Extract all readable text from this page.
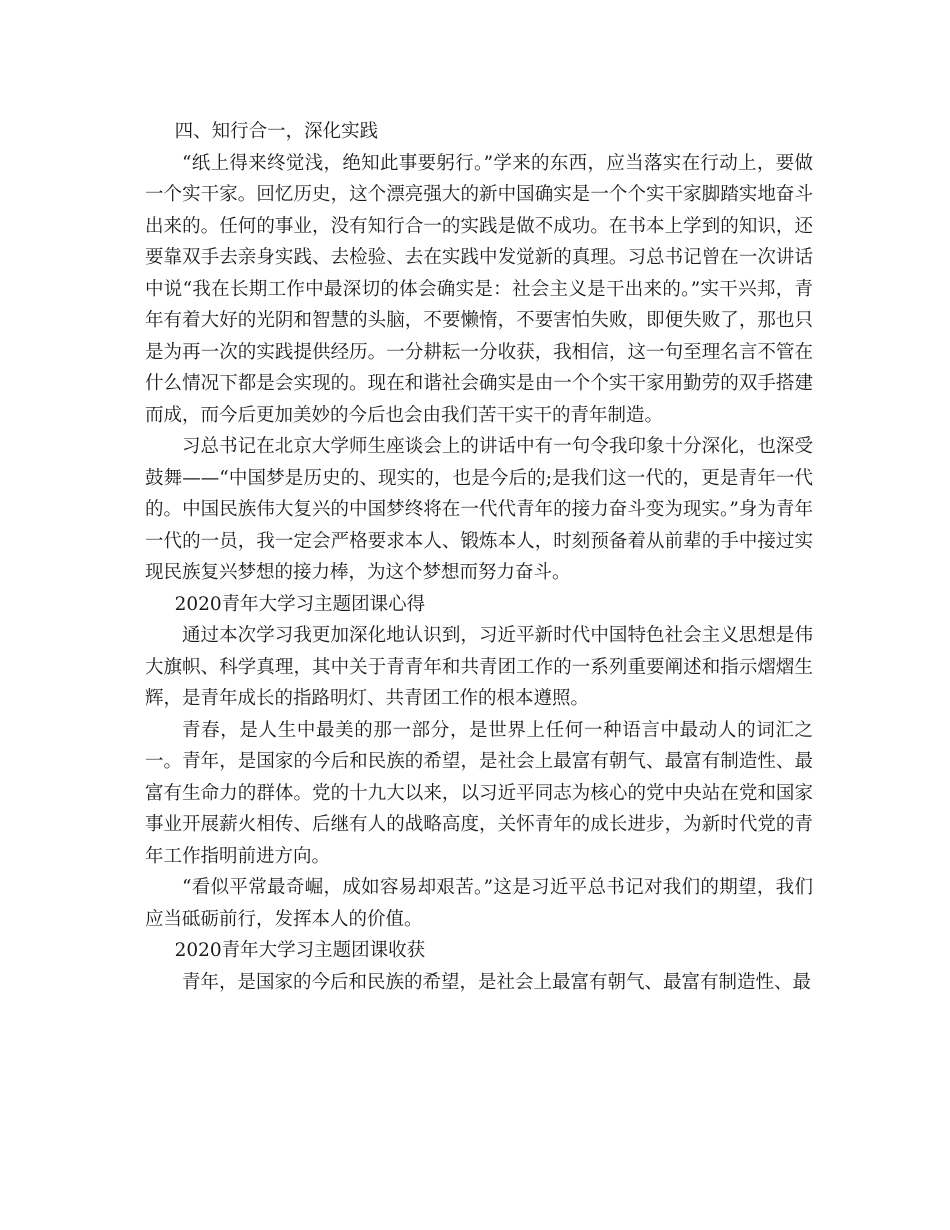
四、知行合一，深化实践

“纸上得来终觉浅，绝知此事要躬行。”学来的东西，应当落实在行动上，要做一个实干家。回忆历史，这个漂亮强大的新中国确实是一个个实干家脚踏实地奋斗出来的。任何的事业，没有知行合一的实践是做不成功。在书本上学到的知识，还要靠双手去亲身实践、去检验、去在实践中发觉新的真理。习总书记曾在一次讲话中说“我在长期工作中最深切的体会确实是：社会主义是干出来的。”实干兴邦，青年有着大好的光阴和智慧的头脑，不要懒惰，不要害怕失败，即便失败了，那也只是为再一次的实践提供经历。一分耕耘一分收获，我相信，这一句至理名言不管在什么情况下都是会实现的。现在和谐社会确实是由一个个实干家用勤劳的双手搭建而成，而今后更加美妙的今后也会由我们苦干实干的青年制造。

习总书记在北京大学师生座谈会上的讲话中有一句令我印象十分深化，也深受鼓舞——“中国梦是历史的、现实的，也是今后的;是我们这一代的，更是青年一代的。中国民族伟大复兴的中国梦终将在一代代青年的接力奋斗变为现实。”身为青年一代的一员，我一定会严格要求本人、锻炼本人，时刻预备着从前辈的手中接过实现民族复兴梦想的接力棒，为这个梦想而努力奋斗。

2020青年大学习主题团课心得

通过本次学习我更加深化地认识到，习近平新时代中国特色社会主义思想是伟大旗帜、科学真理，其中关于青青年和共青团工作的一系列重要阐述和指示熠熠生辉，是青年成长的指路明灯、共青团工作的根本遵照。

青春，是人生中最美的那一部分，是世界上任何一种语言中最动人的词汇之一。青年，是国家的今后和民族的希望，是社会上最富有朝气、最富有制造性、最富有生命力的群体。党的十九大以来，以习近平同志为核心的党中央站在党和国家事业开展薪火相传、后继有人的战略高度，关怀青年的成长进步，为新时代党的青年工作指明前进方向。

“看似平常最奇崛，成如容易却艰苦。”这是习近平总书记对我们的期望，我们应当砥砺前行，发挥本人的价值。

2020青年大学习主题团课收获

青年，是国家的今后和民族的希望，是社会上最富有朝气、最富有制造性、最
